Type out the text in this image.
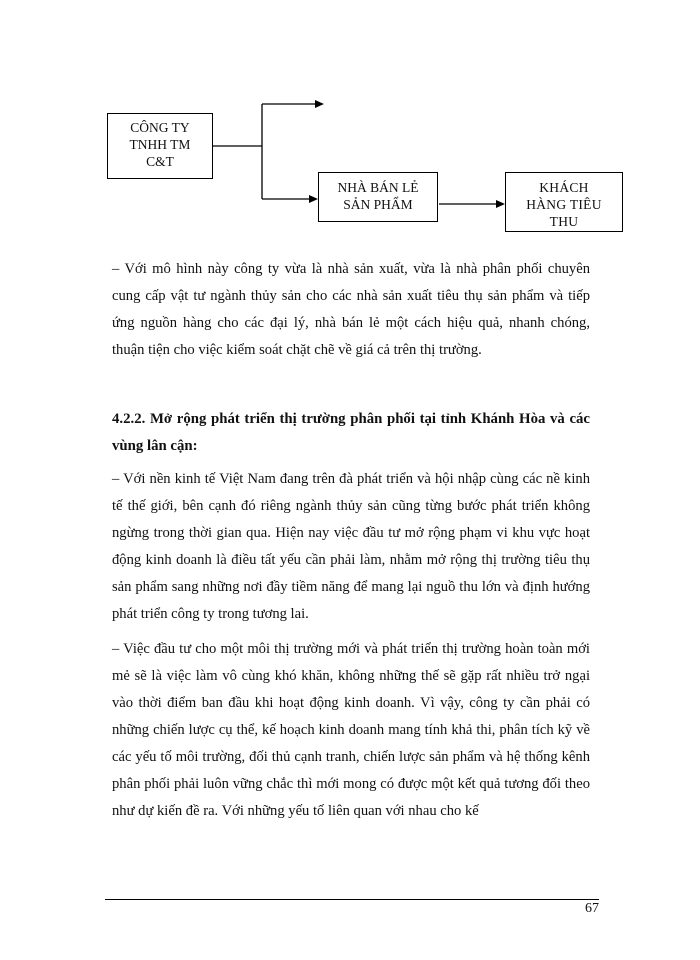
CÔNG TY
TNHH TM
C&T
NHÀ BÁN LẺ
SẢN PHẨM
KHÁCH
HÀNG TIÊU
THU

– Với mô hình này công ty vừa là nhà sản xuất, vừa là nhà phân phối chuyên cung cấp vật tư ngành thủy sản cho các nhà sản xuất tiêu thụ sản phẩm và tiếp ứng nguồn hàng cho các đại lý, nhà bán lẻ một cách hiệu quả, nhanh chóng, thuận tiện cho việc kiểm soát chặt chẽ về giá cả trên thị trường.

4.2.2. Mở rộng phát triển thị trường phân phối tại tỉnh Khánh Hòa và các vùng lân cận:

– Với nền kinh tế Việt Nam đang trên đà phát triển và hội nhập cùng các nề kinh tế thế giới, bên cạnh đó riêng ngành thủy sản cũng từng bước phát triển không ngừng trong thời gian qua. Hiện nay việc đầu tư mở rộng phạm vi khu vực hoạt động kinh doanh là điều tất yếu cần phải làm, nhằm mở rộng thị trường tiêu thụ sản phẩm sang những nơi đầy tiềm năng để mang lại nguồ thu lớn và định hướng phát triển công ty trong tương lai.

– Việc đầu tư cho một môi thị trường mới và phát triển thị trường hoàn toàn mới mẻ sẽ là việc làm vô cùng khó khăn, không những thế sẽ gặp rất nhiều trở ngại vào thời điểm ban đầu khi hoạt động kinh doanh. Vì vậy, công ty cần phải có những chiến lược cụ thể, kế hoạch kinh doanh mang tính khả thi, phân tích kỹ về các yếu tố môi trường, đối thủ cạnh tranh, chiến lược sản phẩm và hệ thống kênh phân phối phải luôn vững chắc thì mới mong có được một kết quả tương đối theo như dự kiến đề ra. Với những yếu tố liên quan với nhau cho kế

67
